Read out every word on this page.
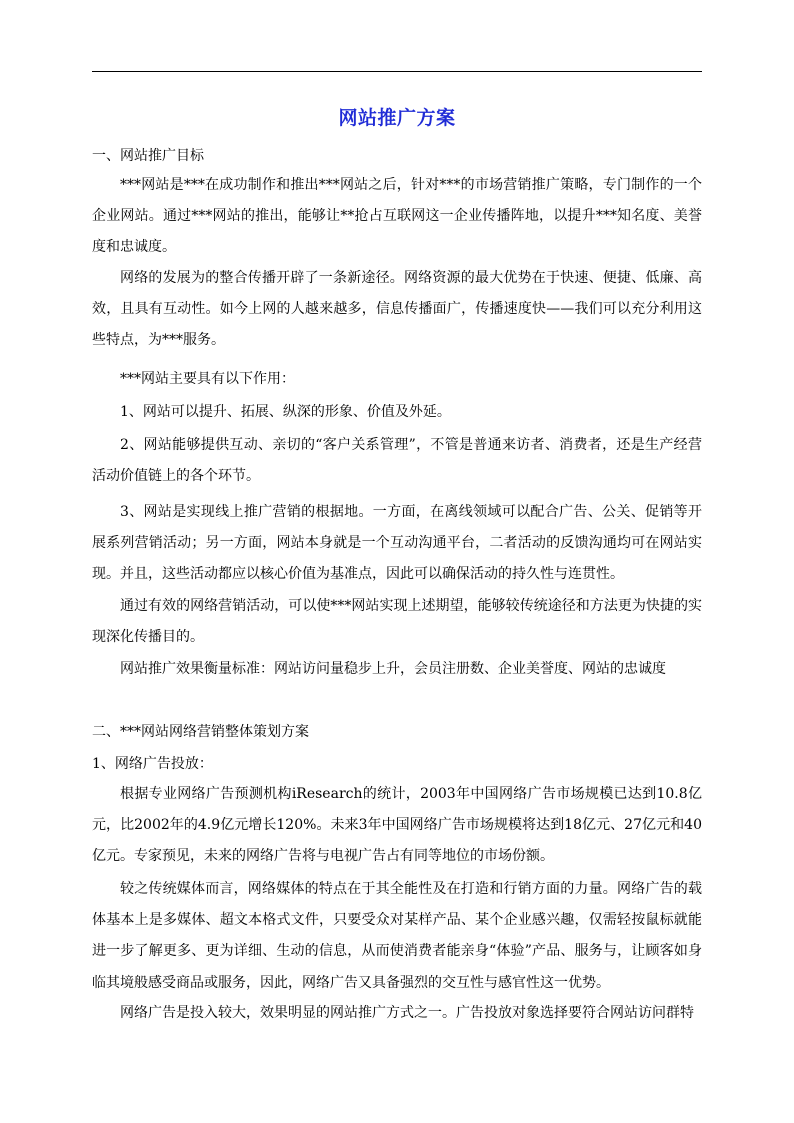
网站推广方案
一、网站推广目标
***网站是***在成功制作和推出***网站之后，针对***的市场营销推广策略，专门制作的一个企业网站。通过***网站的推出，能够让**抢占互联网这一企业传播阵地，以提升***知名度、美誉度和忠诚度。
网络的发展为的整合传播开辟了一条新途径。网络资源的最大优势在于快速、便捷、低廉、高效，且具有互动性。如今上网的人越来越多，信息传播面广，传播速度快——我们可以充分利用这些特点，为***服务。
***网站主要具有以下作用：
1、网站可以提升、拓展、纵深的形象、价值及外延。
2、网站能够提供互动、亲切的“客户关系管理”，不管是普通来访者、消费者，还是生产经营活动价值链上的各个环节。
3、网站是实现线上推广营销的根据地。一方面，在离线领域可以配合广告、公关、促销等开展系列营销活动；另一方面，网站本身就是一个互动沟通平台，二者活动的反馈沟通均可在网站实现。并且，这些活动都应以核心价值为基准点，因此可以确保活动的持久性与连贯性。
通过有效的网络营销活动，可以使***网站实现上述期望，能够较传统途径和方法更为快捷的实现深化传播目的。
网站推广效果衡量标准：网站访问量稳步上升，会员注册数、企业美誉度、网站的忠诚度
二、***网站网络营销整体策划方案
1、网络广告投放：
根据专业网络广告预测机构iResearch的统计，2003年中国网络广告市场规模已达到10.8亿元，比2002年的4.9亿元增长120%。未来3年中国网络广告市场规模将达到18亿元、27亿元和40亿元。专家预见，未来的网络广告将与电视广告占有同等地位的市场份额。
较之传统媒体而言，网络媒体的特点在于其全能性及在打造和行销方面的力量。网络广告的载体基本上是多媒体、超文本格式文件，只要受众对某样产品、某个企业感兴趣，仅需轻按鼠标就能进一步了解更多、更为详细、生动的信息，从而使消费者能亲身“体验”产品、服务与，让顾客如身临其境般感受商品或服务，因此，网络广告又具备强烈的交互性与感官性这一优势。
网络广告是投入较大，效果明显的网站推广方式之一。广告投放对象选择要符合网站访问群特
